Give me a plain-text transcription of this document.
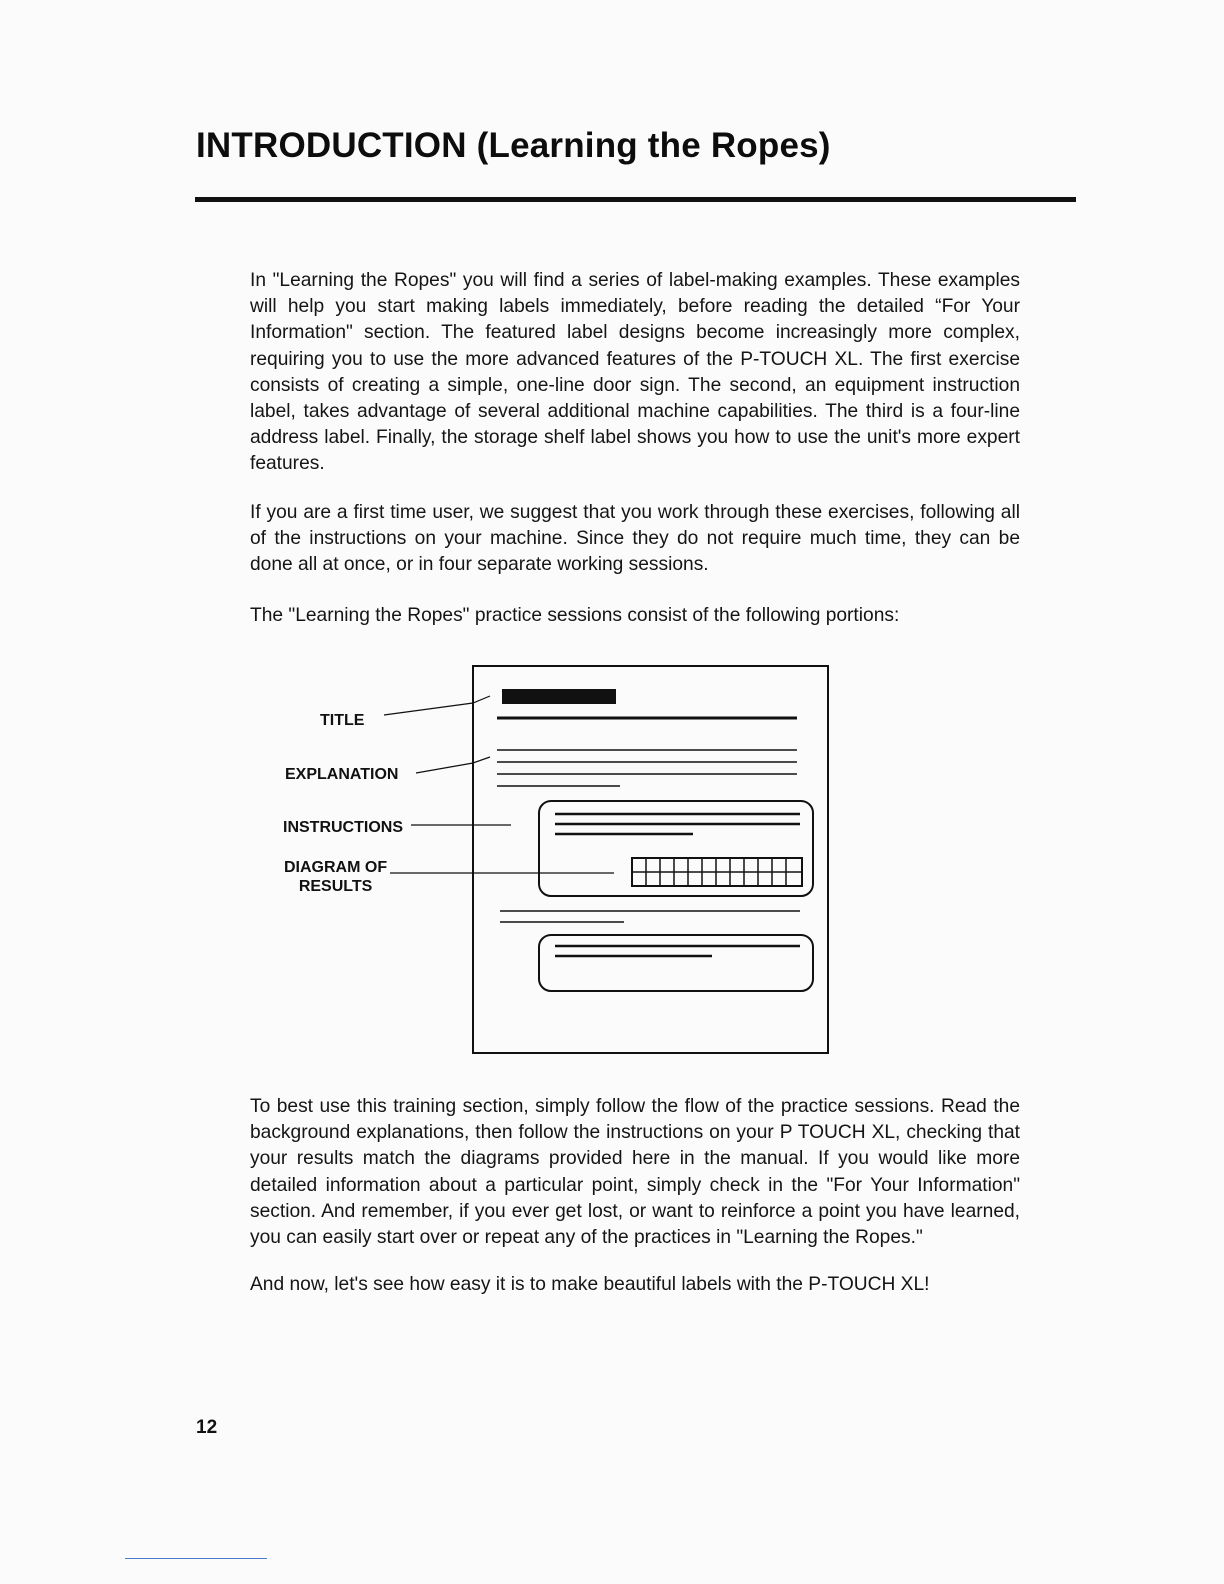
INTRODUCTION (Learning the Ropes)

In "Learning the Ropes" you will find a series of label-making examples. These examples will help you start making labels immediately, before reading the detailed “For Your Information" section. The featured label designs become increasingly more complex, requiring you to use the more advanced features of the P-TOUCH XL. The first exercise consists of creating a simple, one-line door sign. The second, an equipment instruction label, takes advantage of several additional machine capabilities. The third is a four-line address label. Finally, the storage shelf label shows you how to use the unit's more expert features.

If you are a first time user, we suggest that you work through these exercises, following all of the instructions on your machine. Since they do not require much time, they can be done all at once, or in four separate working sessions.

The "Learning the Ropes" practice sessions consist of the following portions:

TITLE
EXPLANATION
INSTRUCTIONS
DIAGRAM OF
RESULTS

To best use this training section, simply follow the flow of the practice sessions. Read the background explanations, then follow the instructions on your P TOUCH XL, checking that your results match the diagrams provided here in the manual. If you would like more detailed information about a particular point, simply check in the "For Your Information" section. And remember, if you ever get lost, or want to reinforce a point you have learned, you can easily start over or repeat any of the practices in "Learning the Ropes."

And now, let's see how easy it is to make beautiful labels with the P-TOUCH XL!

12
